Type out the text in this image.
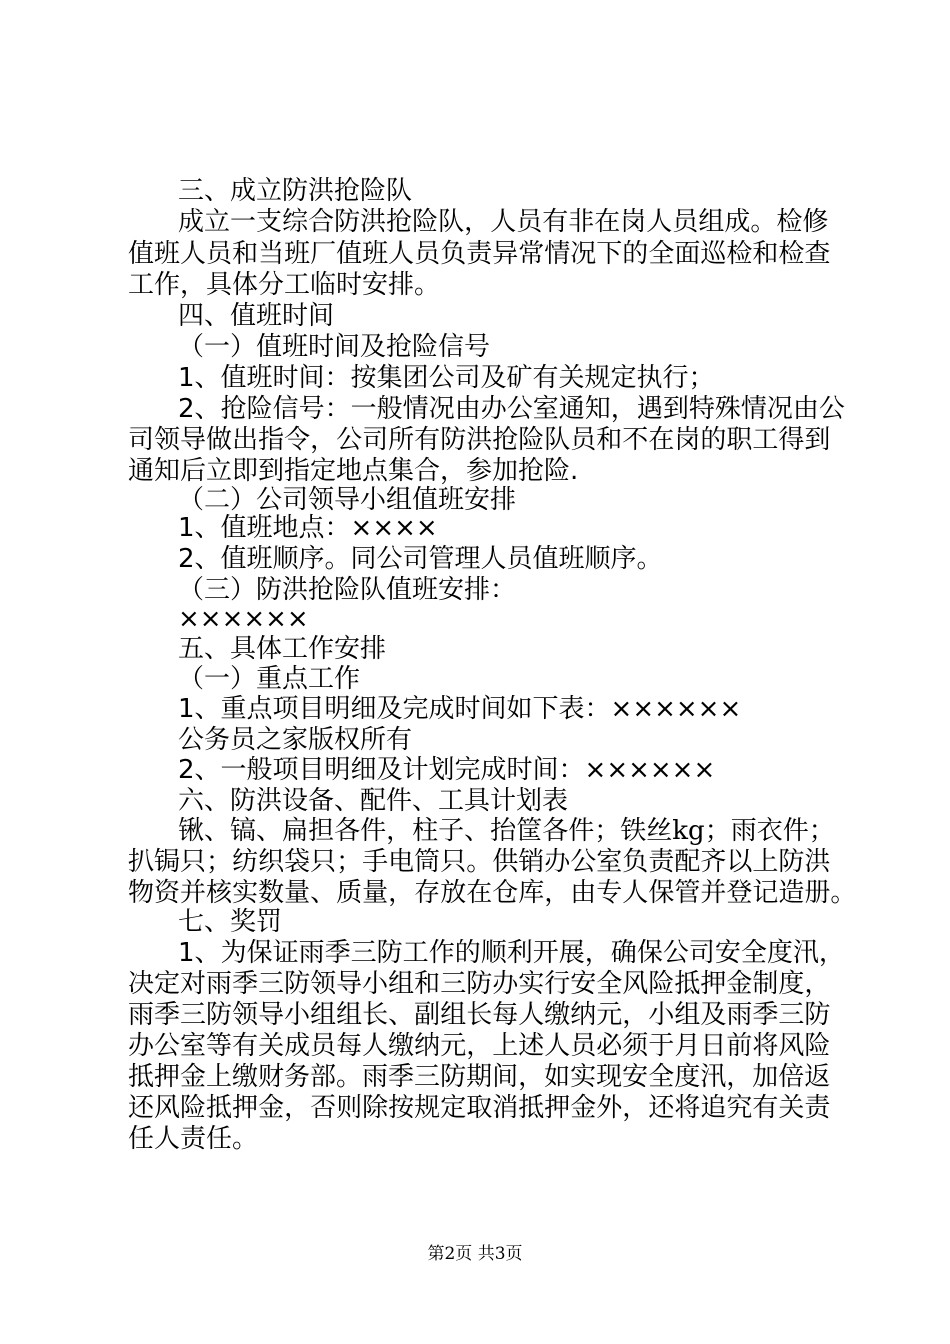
三、成立防洪抢险队
成 立 一 支 综 合 防 洪 抢 险 队 ， 人 员 有 非 在 岗 人 员 组 成 。 检 修
值 班 人 员 和 当 班 厂 值 班 人 员 负 责 异 常 情 况 下 的 全 面 巡 检 和 检 查
工作，具体分工临时安排。
四、值班时间
（一）值班时间及抢险信号
1、值班时间：按集团公司及矿有关规定执行；
2 、 抢 险 信 号 ： 一 般 情 况 由 办 公 室 通 知 ， 遇 到 特 殊 情 况 由 公
司 领 导 做 出 指 令 ， 公 司 所 有 防 洪 抢 险 队 员 和 不 在 岗 的 职 工 得 到
通知后立即到指定地点集合，参加抢险.
（二）公司领导小组值班安排
1、值班地点：××××
2、值班顺序。同公司管理人员值班顺序。
（三）防洪抢险队值班安排：
××××××
五、具体工作安排
（一）重点工作
1、重点项目明细及完成时间如下表：××××××
公务员之家版权所有
2、一般项目明细及计划完成时间：××××××
六、防洪设备、配件、工具计划表
锹 、 镐 、 扁 担 各 件 ， 柱 子 、 抬 筐 各 件 ； 铁 丝 kg ； 雨 衣 件 ；
扒 锔 只 ； 纺 织 袋 只 ； 手 电 筒 只 。 供 销 办 公 室 负 责 配 齐 以 上 防 洪
物 资 并 核 实 数 量 、 质 量 ， 存 放 在 仓 库 ， 由 专 人 保 管 并 登 记 造 册 。
七、奖罚
1 、 为 保 证 雨 季 三 防 工 作 的 顺 利 开 展 ， 确 保 公 司 安 全 度 汛 ，
决 定 对 雨 季 三 防 领 导 小 组 和 三 防 办 实 行 安 全 风 险 抵 押 金 制 度 ，
雨 季 三 防 领 导 小 组 组 长 、 副 组 长 每 人 缴 纳 元 ， 小 组 及 雨 季 三 防
办 公 室 等 有 关 成 员 每 人 缴 纳 元 ， 上 述 人 员 必 须 于 月 日 前 将 风 险
抵押金上缴财务部。 雨 季 三 防 期 间 ， 如 实 现 安 全 度 汛 ， 加 倍 返
还 风 险 抵 押 金 ， 否 则 除 按 规 定 取 消 抵 押 金 外 ， 还 将 追 究 有 关 责
任人责任。
第2页 共3页
